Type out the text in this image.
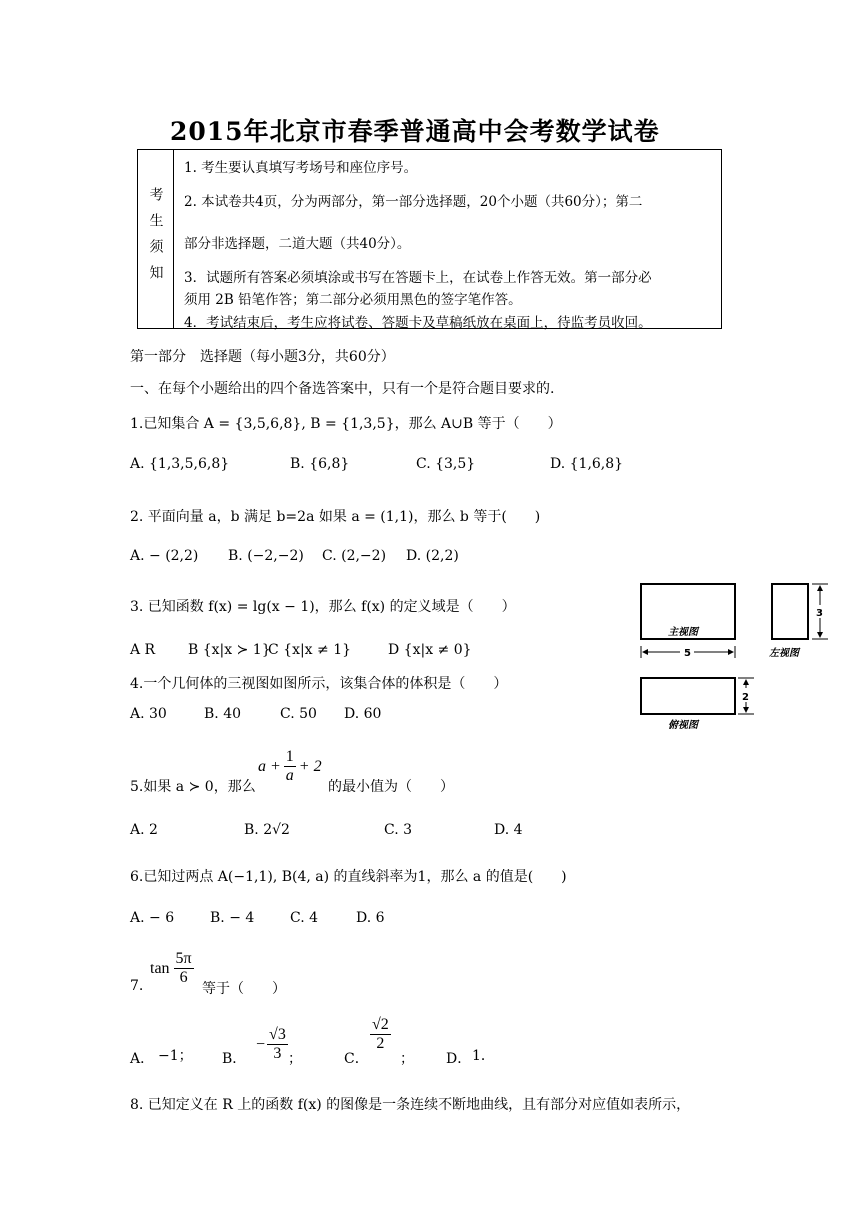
2015年北京市春季普通高中会考数学试卷
考生须知
1. 考生要认真填写考场号和座位序号。
2. 本试卷共4页，分为两部分，第一部分选择题，20个小题（共60分）；第二
部分非选择题，二道大题（共40分）。
3．试题所有答案必须填涂或书写在答题卡上，在试卷上作答无效。第一部分必
须用 2B 铅笔作答；第二部分必须用黑色的签字笔作答。
4．考试结束后，考生应将试卷、答题卡及草稿纸放在桌面上，待监考员收回。
第一部分　选择题（每小题3分，共60分）
一、在每个小题给出的四个备选答案中，只有一个是符合题目要求的.
1.已知集合 A = {3,5,6,8}, B = {1,3,5}，那么 A∪B 等于（　　）
A. {1,3,5,6,8}	B. {6,8}	C. {3,5}	D. {1,6,8}
2. 平面向量 a，b 满足 b=2a 如果 a = (1,1)，那么 b 等于(　　)
A. − (2,2) B. (−2,−2) C. (2,−2) D. (2,2)
3. 已知函数 f(x) = lg(x − 1)，那么 f(x) 的定义域是（　　）
A R B {x|x ≻ 1}
C {x|x ≠ 1}	D {x|x ≠ 0}
4.一个几何体的三视图如图所示，该集合体的体积是（　　）
A. 30	B. 40	C. 50 D. 60
主视图
5
3
左视图
2
俯视图
5.如果 a ≻ 0，那么
$a + \frac{1}{a} + 2$
的最小值为（　　）
A. 2	B. 2√2	C. 3	D. 4
6.已知过两点 A(−1,1), B(4, a) 的直线斜率为1，那么 a 的值是(　　)
A. − 6	B. − 4	C. 4	D. 6
7.
$\tan \frac{5\pi}{6}$
等于（　　）
A． −1； B．
− $\frac{√3}{3}$ ；	C．
$\frac{√2}{2}$
； D． 1．
8. 已知定义在 R 上的函数 f(x) 的图像是一条连续不断地曲线，且有部分对应值如表所示，
